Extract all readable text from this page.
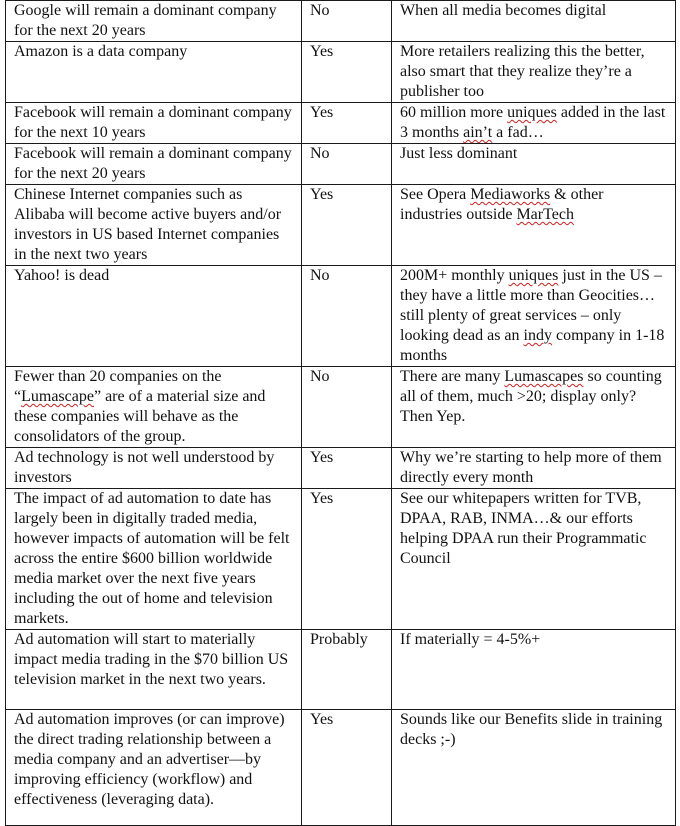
Google will remain a dominant company for the next 20 years	No	When all media becomes digital
Amazon is a data company	Yes	More retailers realizing this the better, also smart that they realize they’re a publisher too
Facebook will remain a dominant company for the next 10 years	Yes	60 million more uniques added in the last 3 months ain’t a fad…
Facebook will remain a dominant company for the next 20 years	No	Just less dominant
Chinese Internet companies such as Alibaba will become active buyers and/or investors in US based Internet companies in the next two years	Yes	See Opera Mediaworks & other industries outside MarTech
Yahoo! is dead	No	200M+ monthly uniques just in the US – they have a little more than Geocities…still plenty of great services – only looking dead as an indy company in 1-18 months
Fewer than 20 companies on the “Lumascape” are of a material size and these companies will behave as the consolidators of the group.	No	There are many Lumascapes so counting all of them, much >20; display only? Then Yep.
Ad technology is not well understood by investors	Yes	Why we’re starting to help more of them directly every month
The impact of ad automation to date has largely been in digitally traded media, however impacts of automation will be felt across the entire $600 billion worldwide media market over the next five years including the out of home and television markets.	Yes	See our whitepapers written for TVB, DPAA, RAB, INMA…& our efforts helping DPAA run their Programmatic Council
Ad automation will start to materially impact media trading in the $70 billion US television market in the next two years.	Probably	If materially = 4-5%+
Ad automation improves (or can improve) the direct trading relationship between a media company and an advertiser—by improving efficiency (workflow) and effectiveness (leveraging data).	Yes	Sounds like our Benefits slide in training decks ;-)
